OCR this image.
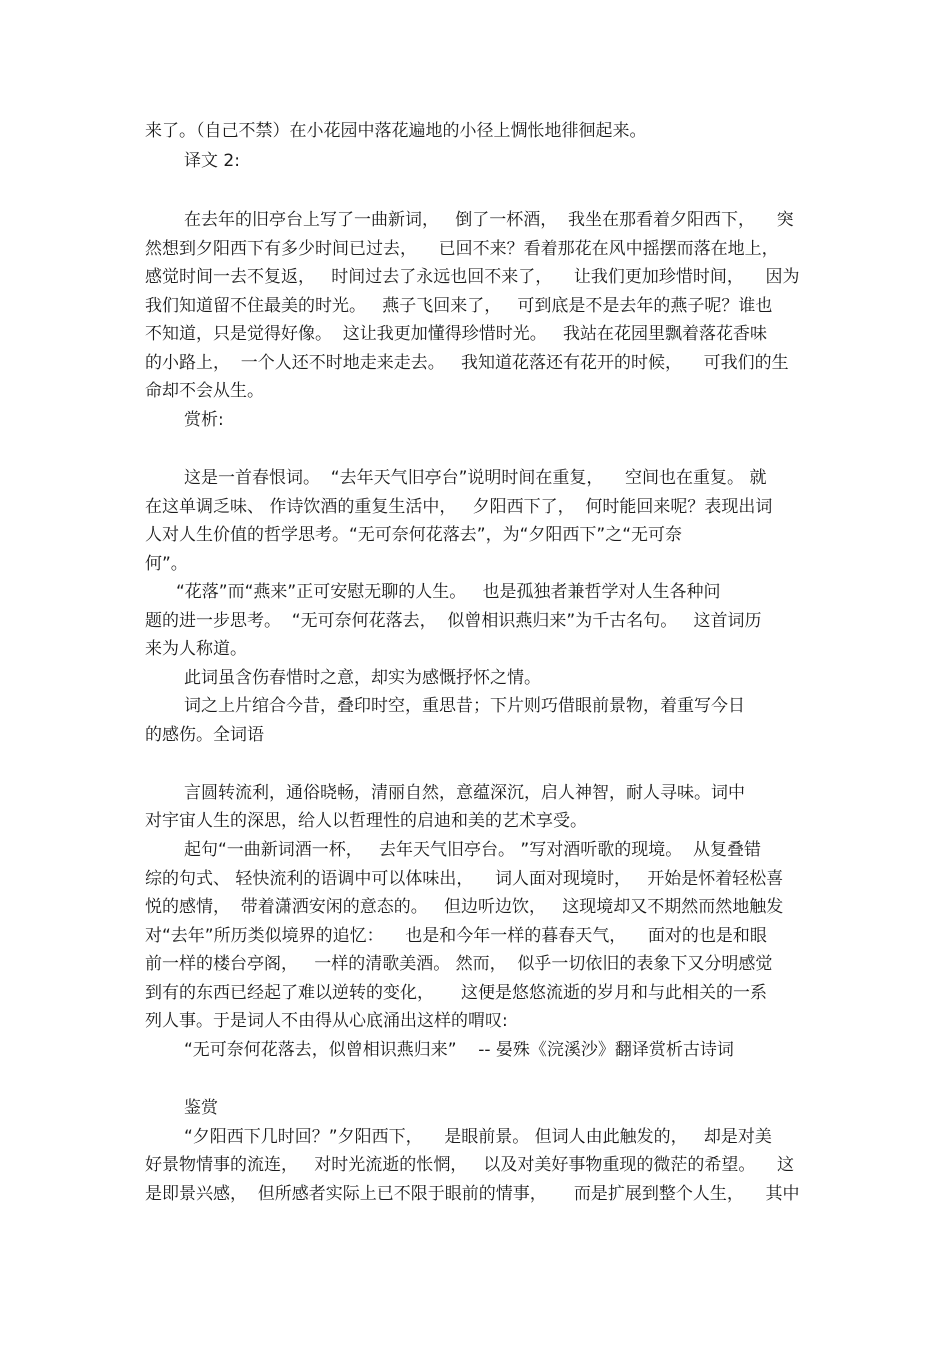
来了。（自己不禁）在小花园中落花遍地的小径上惆怅地徘徊起来。

译文 2:

在去年的旧亭台上写了一曲新词，   倒了一杯酒，  我坐在那看着夕阳西下，    突

然想到夕阳西下有多少时间已过去，    已回不来？看着那花在风中摇摆而落在地上，

感觉时间一去不复返，   时间过去了永远也回不来了，    让我们更加珍惜时间，    因为

我们知道留不住最美的时光。   燕子飞回来了，   可到底是不是去年的燕子呢？谁也

不知道，只是觉得好像。  这让我更加懂得珍惜时光。   我站在花园里飘着落花香味

的小路上，  一个人还不时地走来走去。   我知道花落还有花开的时候，    可我们的生

命却不会从生。

赏析:

这是一首春恨词。  “去年天气旧亭台”说明时间在重复，    空间也在重复。 就

在这单调乏味、 作诗饮酒的重复生活中，   夕阳西下了，  何时能回来呢？表现出词

人对人生价值的哲学思考。“无可奈何花落去”，为“夕阳西下”之“无可奈

何”。

“花落”而“燕来”正可安慰无聊的人生。   也是孤独者兼哲学对人生各种问

题的进一步思考。  “无可奈何花落去，  似曾相识燕归来”为千古名句。   这首词历

来为人称道。

此词虽含伤春惜时之意，却实为感慨抒怀之情。

词之上片绾合今昔，叠印时空，重思昔；下片则巧借眼前景物，着重写今日

的感伤。全词语

言圆转流利，通俗晓畅，清丽自然，意蕴深沉，启人神智，耐人寻味。词中

对宇宙人生的深思，给人以哲理性的启迪和美的艺术享受。

起句“一曲新词酒一杯，   去年天气旧亭台。 ”写对酒听歌的现境。  从复叠错

综的句式、 轻快流利的语调中可以体味出，    词人面对现境时，   开始是怀着轻松喜

悦的感情，  带着潇洒安闲的意态的。   但边听边饮，   这现境却又不期然而然地触发

对“去年”所历类似境界的追忆：    也是和今年一样的暮春天气，    面对的也是和眼

前一样的楼台亭阁，   一样的清歌美酒。 然而，  似乎一切依旧的表象下又分明感觉

到有的东西已经起了难以逆转的变化，     这便是悠悠流逝的岁月和与此相关的一系

列人事。于是词人不由得从心底涌出这样的喟叹:

“无可奈何花落去，似曾相识燕归来”    -- 晏殊《浣溪沙》翻译赏析古诗词

鉴赏

“夕阳西下几时回？”夕阳西下，    是眼前景。 但词人由此触发的，   却是对美

好景物情事的流连，   对时光流逝的怅惘，   以及对美好事物重现的微茫的希望。    这

是即景兴感，  但所感者实际上已不限于眼前的情事，     而是扩展到整个人生，    其中
